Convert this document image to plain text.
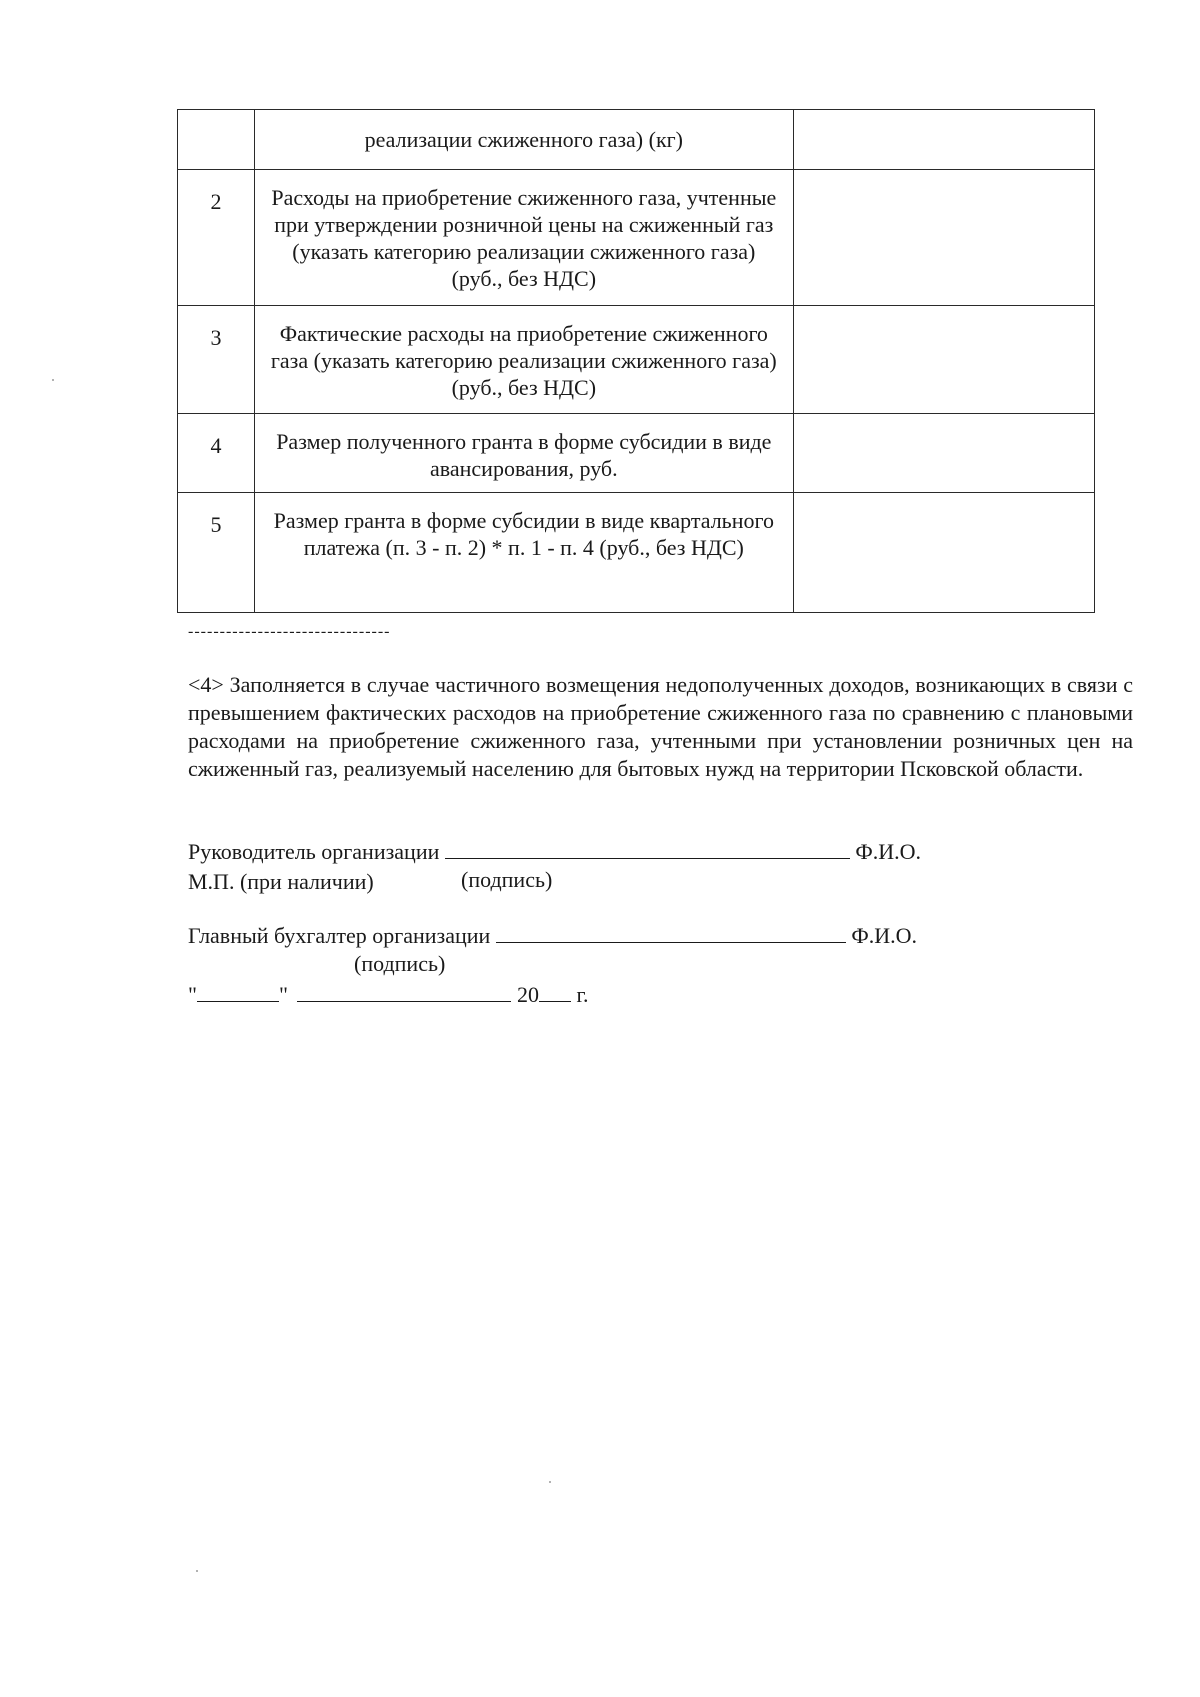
	реализации сжиженного газа) (кг)	
2	Расходы на приобретение сжиженного газа, учтенные при утверждении розничной цены на сжиженный газ (указать категорию реализации сжиженного газа) (руб., без НДС)	
3	Фактические расходы на приобретение сжиженного газа (указать категорию реализации сжиженного газа) (руб., без НДС)	
4	Размер полученного гранта в форме субсидии в виде авансирования, руб.	
5	Размер гранта в форме субсидии в виде квартального платежа (п. 3 - п. 2) * п. 1 - п. 4 (руб., без НДС)	
--------------------------------
<4> Заполняется в случае частичного возмещения недополученных доходов, возникающих в связи с превышением фактических расходов на приобретение сжиженного газа по сравнению с плановыми расходами на приобретение сжиженного газа, учтенными при установлении розничных цен на сжиженный газ, реализуемый населению для бытовых нужд на территории Псковской области.
Руководитель организации	Ф.И.О.
М.П. (при наличии)	(подпись)
Главный бухгалтер организации	Ф.И.О.
(подпись)
"	"	20 г.
